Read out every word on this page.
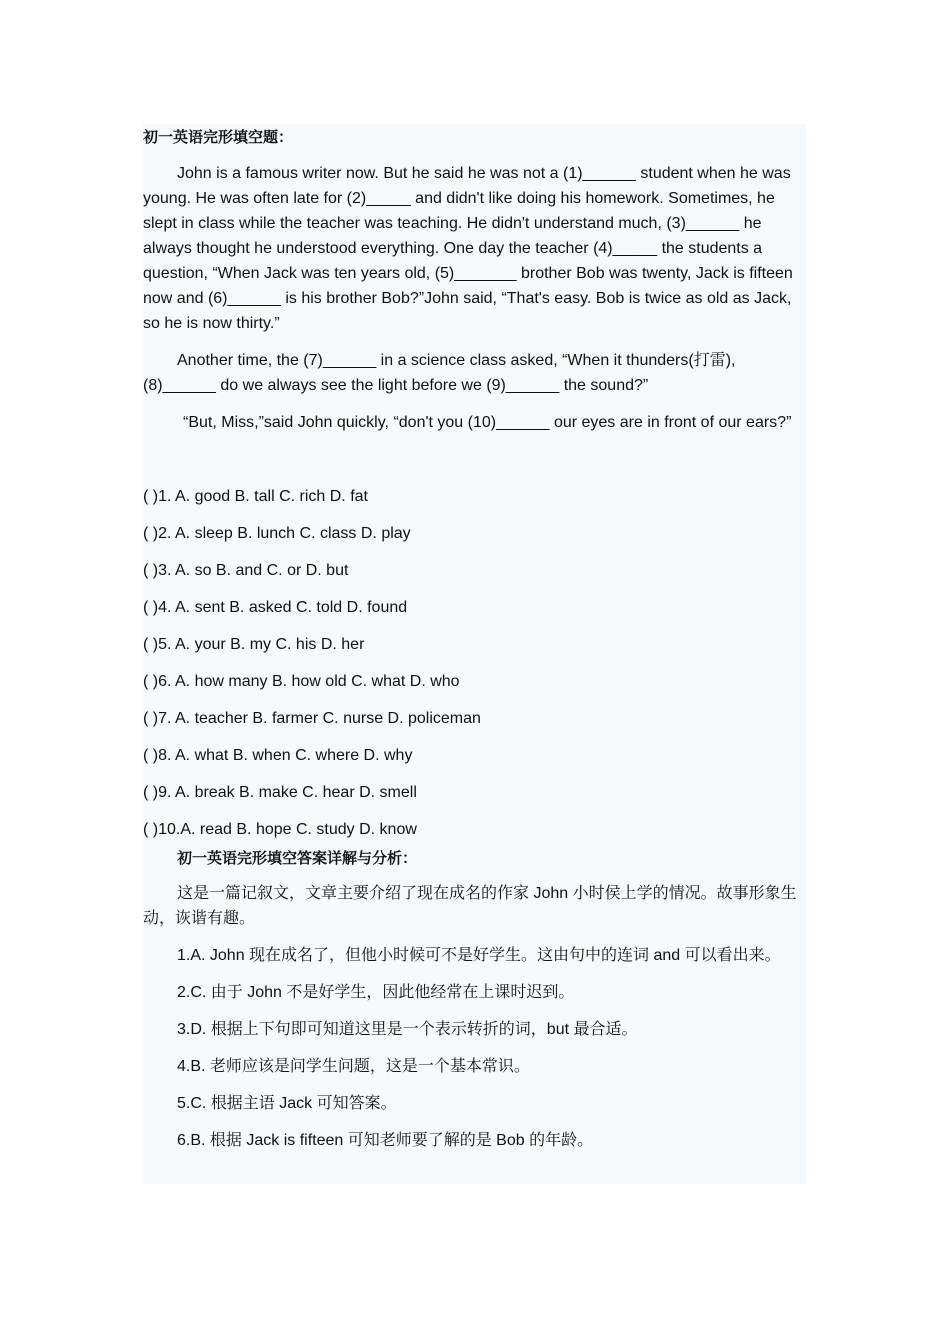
初一英语完形填空题：

John is a famous writer now. But he said he was not a (1)______ student when he was young. He was often late for (2)_____ and didn't like doing his homework. Sometimes, he slept in class while the teacher was teaching. He didn't understand much, (3)______ he always thought he understood everything. One day the teacher (4)_____ the students a question, “When Jack was ten years old, (5)_______ brother Bob was twenty, Jack is fifteen now and (6)______ is his brother Bob?”John said, “That's easy. Bob is twice as old as Jack, so he is now thirty.”

Another time, the (7)______ in a science class asked, “When it thunders(打雷), (8)______ do we always see the light before we (9)______ the sound?”

“But, Miss,”said John quickly, “don't you (10)______ our eyes are in front of our ears?”

( )1. A. good B. tall C. rich D. fat

( )2. A. sleep B. lunch C. class D. play

( )3. A. so B. and C. or D. but

( )4. A. sent B. asked C. told D. found

( )5. A. your B. my C. his D. her

( )6. A. how many B. how old C. what D. who

( )7. A. teacher B. farmer C. nurse D. policeman

( )8. A. what B. when C. where D. why

( )9. A. break B. make C. hear D. smell

( )10.A. read B. hope C. study D. know

初一英语完形填空答案详解与分析：

这是一篇记叙文，文章主要介绍了现在成名的作家 John 小时侯上学的情况。故事形象生动，诙谐有趣。

1.A. John 现在成名了，但他小时候可不是好学生。这由句中的连词 and 可以看出来。

2.C. 由于 John 不是好学生，因此他经常在上课时迟到。

3.D. 根据上下句即可知道这里是一个表示转折的词，but 最合适。

4.B. 老师应该是问学生问题，这是一个基本常识。

5.C. 根据主语 Jack 可知答案。

6.B. 根据 Jack is fifteen 可知老师要了解的是 Bob 的年龄。
